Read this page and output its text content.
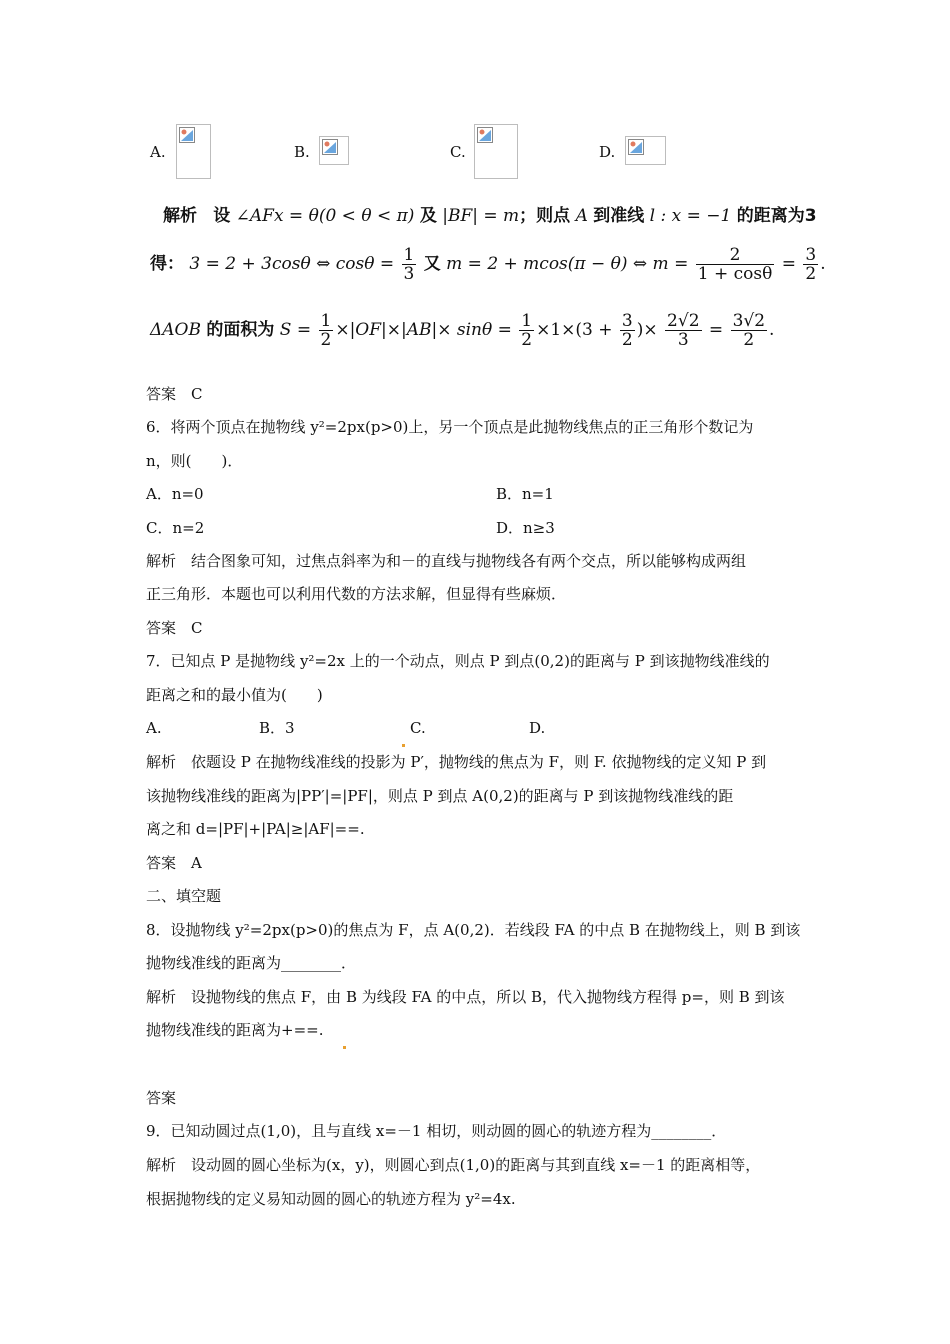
A.	B.	C.	D.
解析 设 ∠AFx = θ(0 < θ < π) 及 |BF| = m；则点 A 到准线 l : x = −1 的距离为3
得： 3 = 2 + 3cosθ ⇔ $\cos\theta = \frac{1}{3}$ 又 m = 2 + mcos(π − θ) ⇔ $m = \frac{2}{1 + \cos\theta} = \frac{3}{2}$ .
ΔAOB 的面积为 $S = \frac{1}{2} \times|OF|\times|AB|\times \sin\theta = \frac{1}{2} \times 1\times(3 + \frac{3}{2}$ )× $\frac{2√2}{3} = \frac{3√2}{2}$ .
答案　C
6．将两个顶点在抛物线 y²=2px(p>0)上，另一个顶点是此抛物线焦点的正三角形个数记为
n，则(　　)．
A．n=0	B．n=1
C．n=2	D．n≥3
解析　结合图象可知，过焦点斜率为和－的直线与抛物线各有两个交点，所以能够构成两组
正三角形．本题也可以利用代数的方法求解，但显得有些麻烦．
答案　C
7．已知点 P 是抛物线 y²=2x 上的一个动点，则点 P 到点(0,2)的距离与 P 到该抛物线准线的
距离之和的最小值为(　　)
A.	B．3	C.	D.
解析　依题设 P 在抛物线准线的投影为 P′，抛物线的焦点为 F，则 F. 依抛物线的定义知 P 到
该抛物线准线的距离为|PP′|=|PF|，则点 P 到点 A(0,2)的距离与 P 到该抛物线准线的距
离之和 d=|PF|+|PA|≥|AF|==.
答案　A
二、填空题
8．设抛物线 y²=2px(p>0)的焦点为 F，点 A(0,2)．若线段 FA 的中点 B 在抛物线上，则 B 到该
抛物线准线的距离为________．
解析　设抛物线的焦点 F，由 B 为线段 FA 的中点，所以 B，代入抛物线方程得 p=，则 B 到该
抛物线准线的距离为+==.
答案
9．已知动圆过点(1,0)，且与直线 x=－1 相切，则动圆的圆心的轨迹方程为________．
解析　设动圆的圆心坐标为(x，y)，则圆心到点(1,0)的距离与其到直线 x=－1 的距离相等，
根据抛物线的定义易知动圆的圆心的轨迹方程为 y²=4x.
